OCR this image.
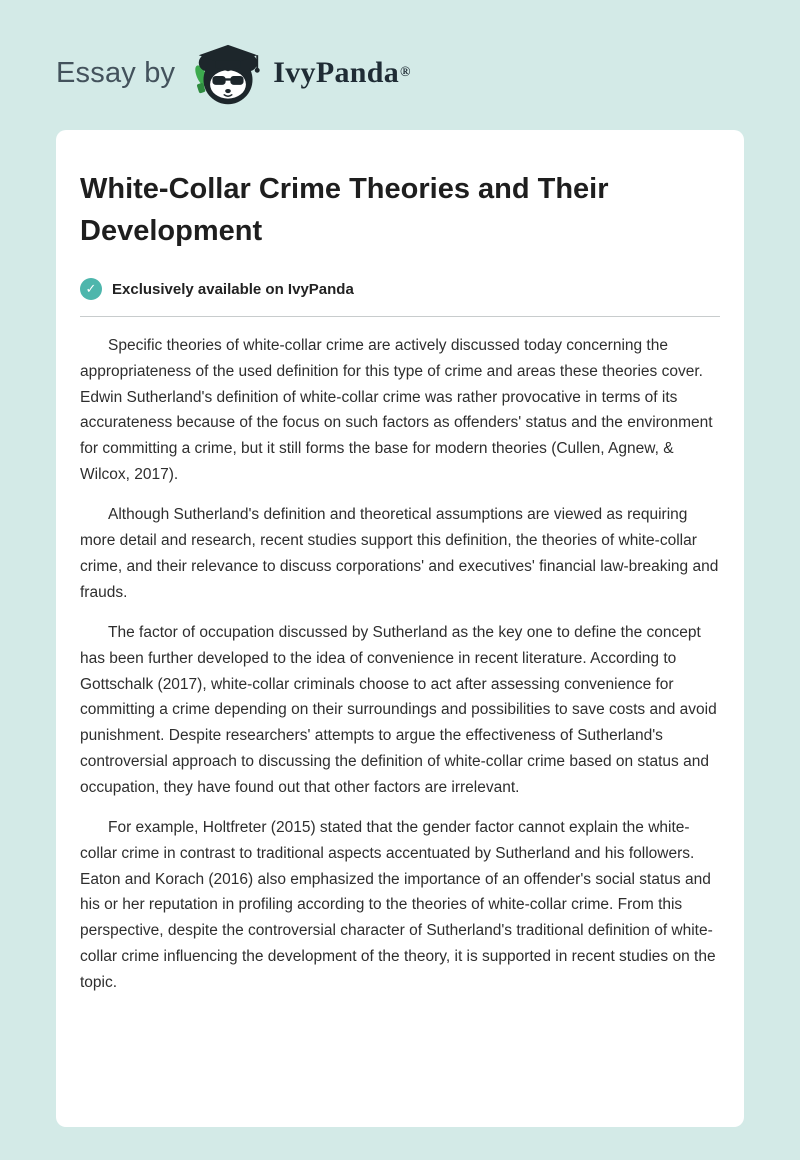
Essay by	IvyPanda®
White-Collar Crime Theories and Their Development
✓	Exclusively available on IvyPanda

Specific theories of white-collar crime are actively discussed today concerning the appropriateness of the used definition for this type of crime and areas these theories cover. Edwin Sutherland's definition of white-collar crime was rather provocative in terms of its accurateness because of the focus on such factors as offenders' status and the environment for committing a crime, but it still forms the base for modern theories (Cullen, Agnew, & Wilcox, 2017).

Although Sutherland's definition and theoretical assumptions are viewed as requiring more detail and research, recent studies support this definition, the theories of white-collar crime, and their relevance to discuss corporations' and executives' financial law-breaking and frauds.

The factor of occupation discussed by Sutherland as the key one to define the concept has been further developed to the idea of convenience in recent literature. According to Gottschalk (2017), white-collar criminals choose to act after assessing convenience for committing a crime depending on their surroundings and possibilities to save costs and avoid punishment. Despite researchers' attempts to argue the effectiveness of Sutherland's controversial approach to discussing the definition of white-collar crime based on status and occupation, they have found out that other factors are irrelevant.

For example, Holtfreter (2015) stated that the gender factor cannot explain the white-collar crime in contrast to traditional aspects accentuated by Sutherland and his followers. Eaton and Korach (2016) also emphasized the importance of an offender's social status and his or her reputation in profiling according to the theories of white-collar crime. From this perspective, despite the controversial character of Sutherland's traditional definition of white-collar crime influencing the development of the theory, it is supported in recent studies on the topic.
